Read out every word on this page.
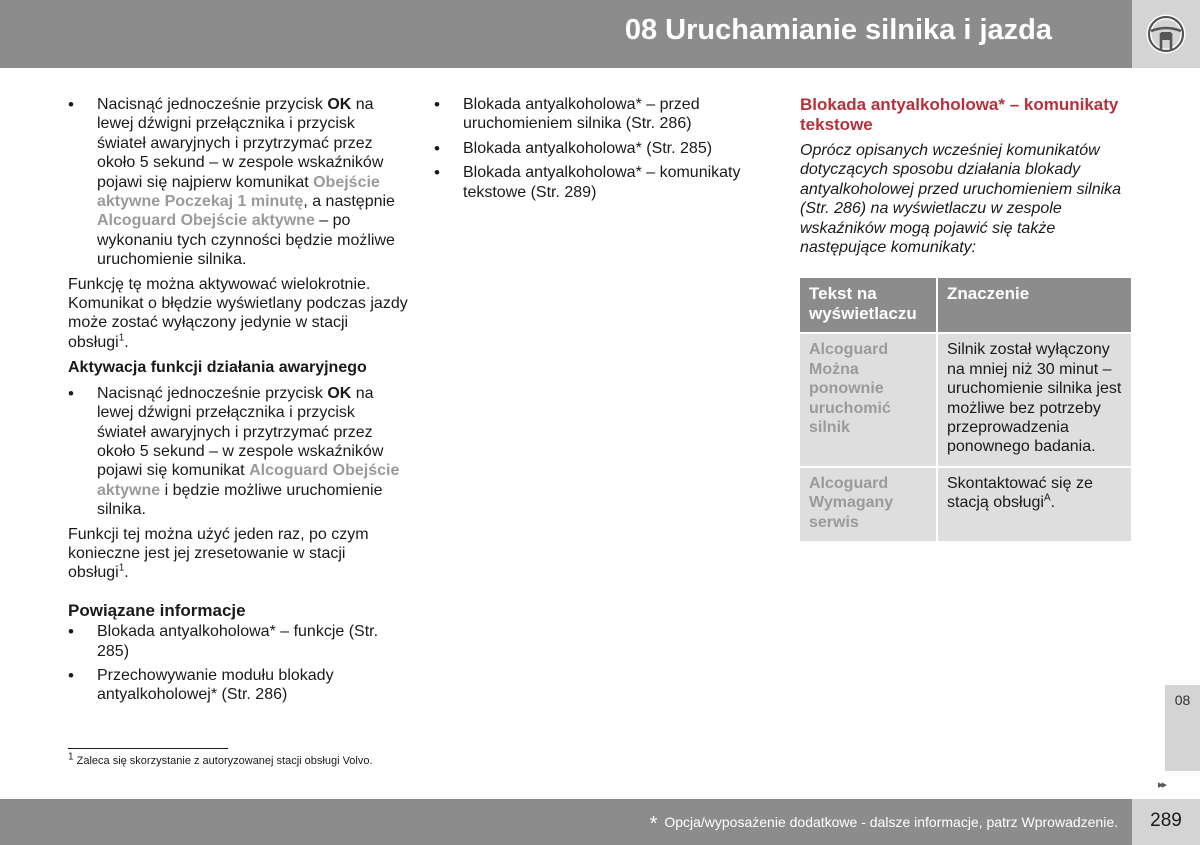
08 Uruchamianie silnika i jazda
• Nacisnąć jednocześnie przycisk OK na lewej dźwigni przełącznika i przycisk świateł awaryjnych i przytrzymać przez około 5 sekund – w zespole wskaźników pojawi się najpierw komunikat Obejście aktywne Poczekaj 1 minutę, a następnie Alcoguard Obejście aktywne – po wykonaniu tych czynności będzie możliwe uruchomienie silnika.

Funkcję tę można aktywować wielokrotnie. Komunikat o błędzie wyświetlany podczas jazdy może zostać wyłączony jedynie w stacji obsługi$^1$.

Aktywacja funkcji działania awaryjnego
• Nacisnąć jednocześnie przycisk OK na lewej dźwigni przełącznika i przycisk świateł awaryjnych i przytrzymać przez około 5 sekund – w zespole wskaźników pojawi się komunikat Alcoguard Obejście aktywne i będzie możliwe uruchomienie silnika.

Funkcji tej można użyć jeden raz, po czym konieczne jest jej zresetowanie w stacji obsługi$^1$.

Powiązane informacje
• Blokada antyalkoholowa* – funkcje (Str. 285)
• Przechowywanie modułu blokady antyalkoholowej* (Str. 286)
• Blokada antyalkoholowa* – przed uruchomieniem silnika (Str. 286)
• Blokada antyalkoholowa* (Str. 285)
• Blokada antyalkoholowa* – komunikaty tekstowe (Str. 289)
Blokada antyalkoholowa* – komunikaty tekstowe

Oprócz opisanych wcześniej komunikatów dotyczących sposobu działania blokady antyalkoholowej przed uruchomieniem silnika (Str. 286) na wyświetlaczu w zespole wskaźników mogą pojawić się także następujące komunikaty:

Tekst na wyświetlaczu	Znaczenie
Alcoguard Można ponownie uruchomić silnik	Silnik został wyłączony na mniej niż 30 minut – uruchomienie silnika jest możliwe bez potrzeby przeprowadzenia ponownego badania.
Alcoguard Wymagany serwis	Skontaktować się ze stacją obsługi$^A$.
$^1$ Zaleca się skorzystanie z autoryzowanej stacji obsługi Volvo.
08
▸▸
* Opcja/wyposażenie dodatkowe - dalsze informacje, patrz Wprowadzenie.	289
